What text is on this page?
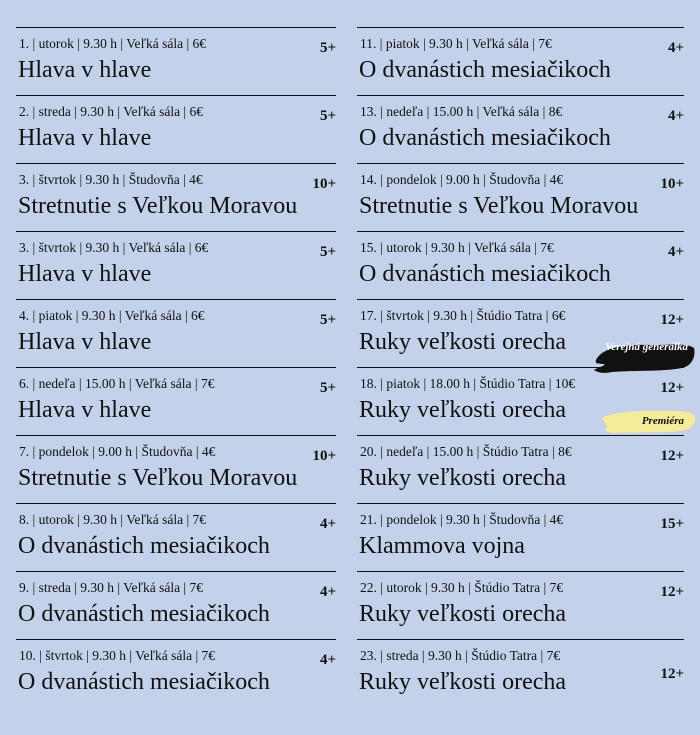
1. | utorok | 9.30 h | Veľká sála | 6€	5+
Hlava v hlave
2. | streda | 9.30 h | Veľká sála | 6€	5+
Hlava v hlave
3. | štvrtok | 9.30 h | Študovňa | 4€	10+
Stretnutie s Veľkou Moravou
3. | štvrtok | 9.30 h | Veľká sála | 6€	5+
Hlava v hlave
4. | piatok | 9.30 h | Veľká sála | 6€	5+
Hlava v hlave
6. | nedeľa | 15.00 h | Veľká sála | 7€	5+
Hlava v hlave
7. | pondelok | 9.00 h | Študovňa | 4€	10+
Stretnutie s Veľkou Moravou
8. | utorok | 9.30 h | Veľká sála | 7€	4+
O dvanástich mesiačikoch
9. | streda | 9.30 h | Veľká sála | 7€	4+
O dvanástich mesiačikoch
10. | štvrtok | 9.30 h | Veľká sála | 7€	4+
O dvanástich mesiačikoch
11. | piatok | 9.30 h | Veľká sála | 7€	4+
O dvanástich mesiačikoch
13. | nedeľa | 15.00 h | Veľká sála | 8€	4+
O dvanástich mesiačikoch
14. | pondelok | 9.00 h | Študovňa | 4€	10+
Stretnutie s Veľkou Moravou
15. | utorok | 9.30 h | Veľká sála | 7€	4+
O dvanástich mesiačikoch
17. | štvrtok | 9.30 h | Štúdio Tatra | 6€	12+
Ruky veľkosti orecha	Verejná generálka
18. | piatok | 18.00 h | Štúdio Tatra | 10€	12+
Ruky veľkosti orecha	Premiéra
20. | nedeľa | 15.00 h | Štúdio Tatra | 8€	12+
Ruky veľkosti orecha
21. | pondelok | 9.30 h | Študovňa | 4€	15+
Klammova vojna
22. | utorok | 9.30 h | Štúdio Tatra | 7€	12+
Ruky veľkosti orecha
23. | streda | 9.30 h | Štúdio Tatra | 7€
12+
Ruky veľkosti orecha
